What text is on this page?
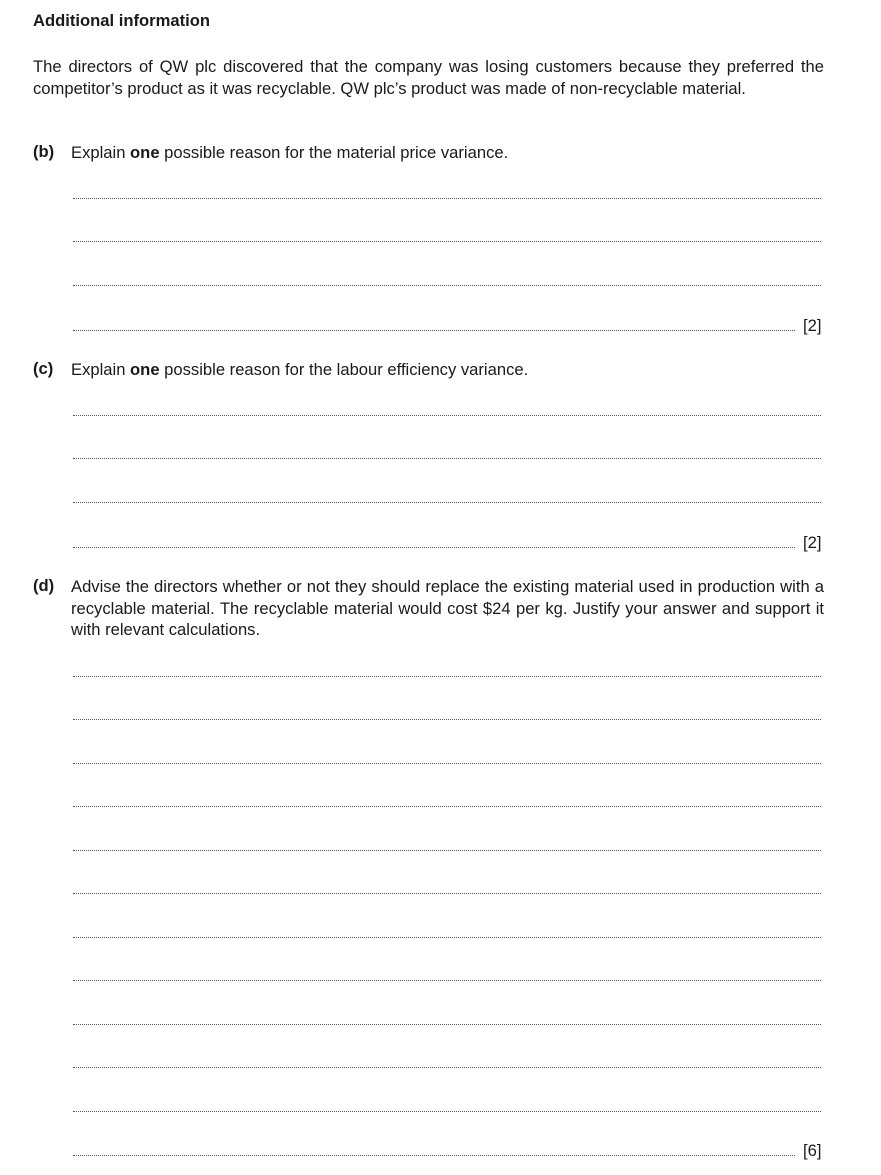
Additional information

The directors of QW plc discovered that the company was losing customers because they preferred the competitor’s product as it was recyclable. QW plc’s product was made of non-recyclable material.

(b) Explain one possible reason for the material price variance.
[2]
(c) Explain one possible reason for the labour efficiency variance.
[2]
(d) Advise the directors whether or not they should replace the existing material used in production with a recyclable material. The recyclable material would cost $24 per kg. Justify your answer and support it with relevant calculations.
[6]
